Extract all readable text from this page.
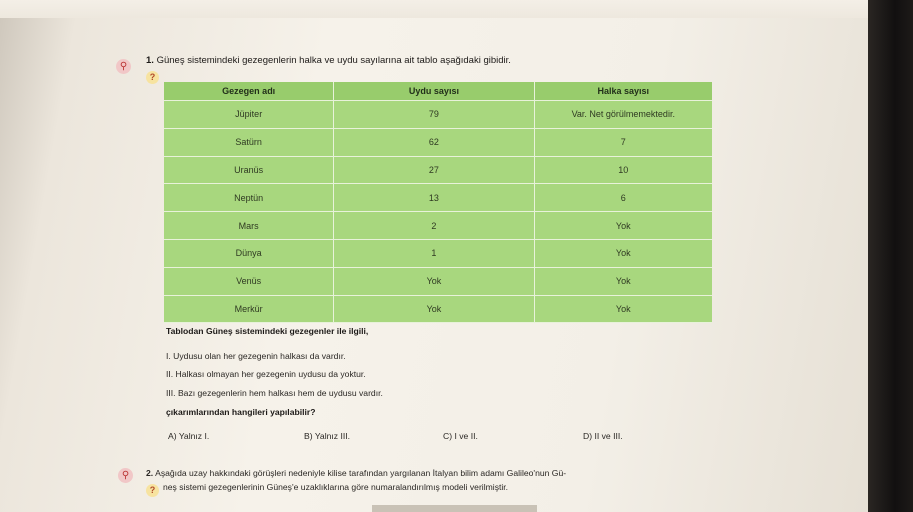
⚲
?
1. Güneş sistemindeki gezegenlerin halka ve uydu sayılarına ait tablo aşağıdaki gibidir.
Gezegen adı	Uydu sayısı	Halka sayısı
Jüpiter	79	Var. Net görülmemektedir.
Satürn	62	7
Uranüs	27	10
Neptün	13	6
Mars	2	Yok
Dünya	1	Yok
Venüs	Yok	Yok
Merkür	Yok	Yok
Tablodan Güneş sistemindeki gezegenler ile ilgili,
I. Uydusu olan her gezegenin halkası da vardır.
II. Halkası olmayan her gezegenin uydusu da yoktur.
III. Bazı gezegenlerin hem halkası hem de uydusu vardır.
çıkarımlarından hangileri yapılabilir?
A) Yalnız I.	B) Yalnız III.	C) I ve II.	D) II ve III.
⚲
?
2. Aşağıda uzay hakkındaki görüşleri nedeniyle kilise tarafından yargılanan İtalyan bilim adamı Galileo'nun Gü-
neş sistemi gezegenlerinin Güneş'e uzaklıklarına göre numaralandırılmış modeli verilmiştir.
